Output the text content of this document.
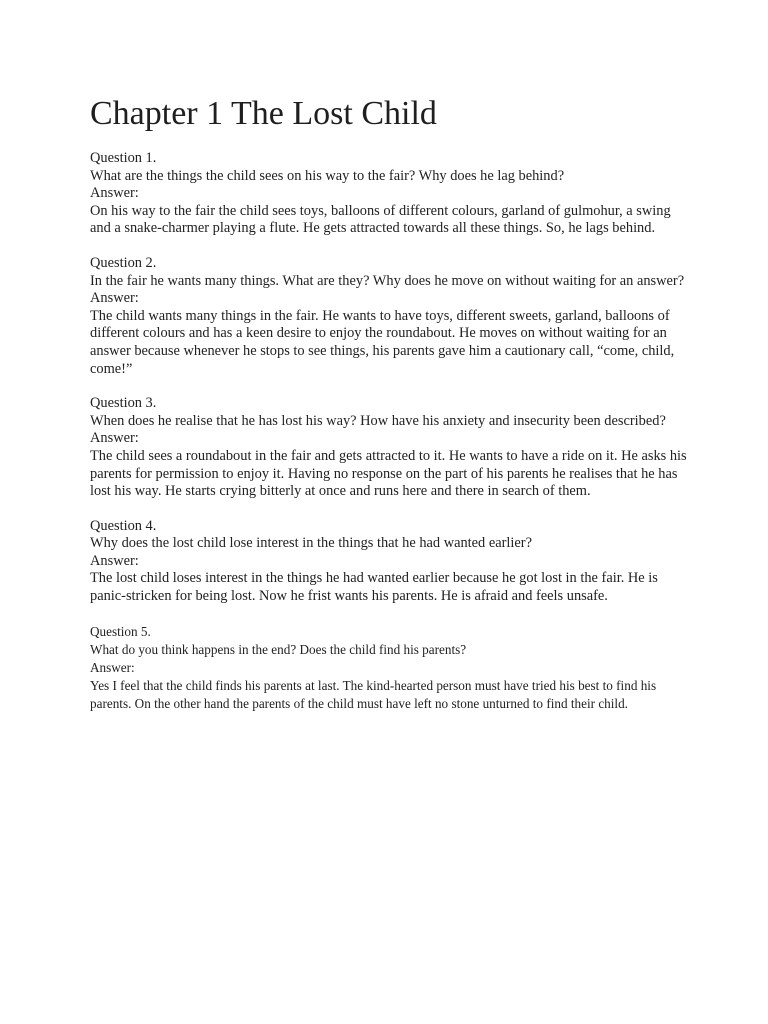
Chapter 1 The Lost Child
Question 1.
What are the things the child sees on his way to the fair? Why does he lag behind?
Answer:
On his way to the fair the child sees toys, balloons of different colours, garland of gulmohur, a swing and a snake-charmer playing a flute. He gets attracted towards all these things. So, he lags behind.
Question 2.
In the fair he wants many things. What are they? Why does he move on without waiting for an answer?
Answer:
The child wants many things in the fair. He wants to have toys, different sweets, garland, balloons of different colours and has a keen desire to enjoy the roundabout. He moves on without waiting for an answer because whenever he stops to see things, his parents gave him a cautionary call, “come, child, come!”
Question 3.
When does he realise that he has lost his way? How have his anxiety and insecurity been described?
Answer:
The child sees a roundabout in the fair and gets attracted to it. He wants to have a ride on it. He asks his parents for permission to enjoy it. Having no response on the part of his parents he realises that he has lost his way. He starts crying bitterly at once and runs here and there in search of them.
Question 4.
Why does the lost child lose interest in the things that he had wanted earlier?
Answer:
The lost child loses interest in the things he had wanted earlier because he got lost in the fair. He is panic-stricken for being lost. Now he frist wants his parents. He is afraid and feels unsafe.
Question 5.
What do you think happens in the end? Does the child find his parents?
Answer:
Yes I feel that the child finds his parents at last. The kind-hearted person must have tried his best to find his parents. On the other hand the parents of the child must have left no stone unturned to find their child.
